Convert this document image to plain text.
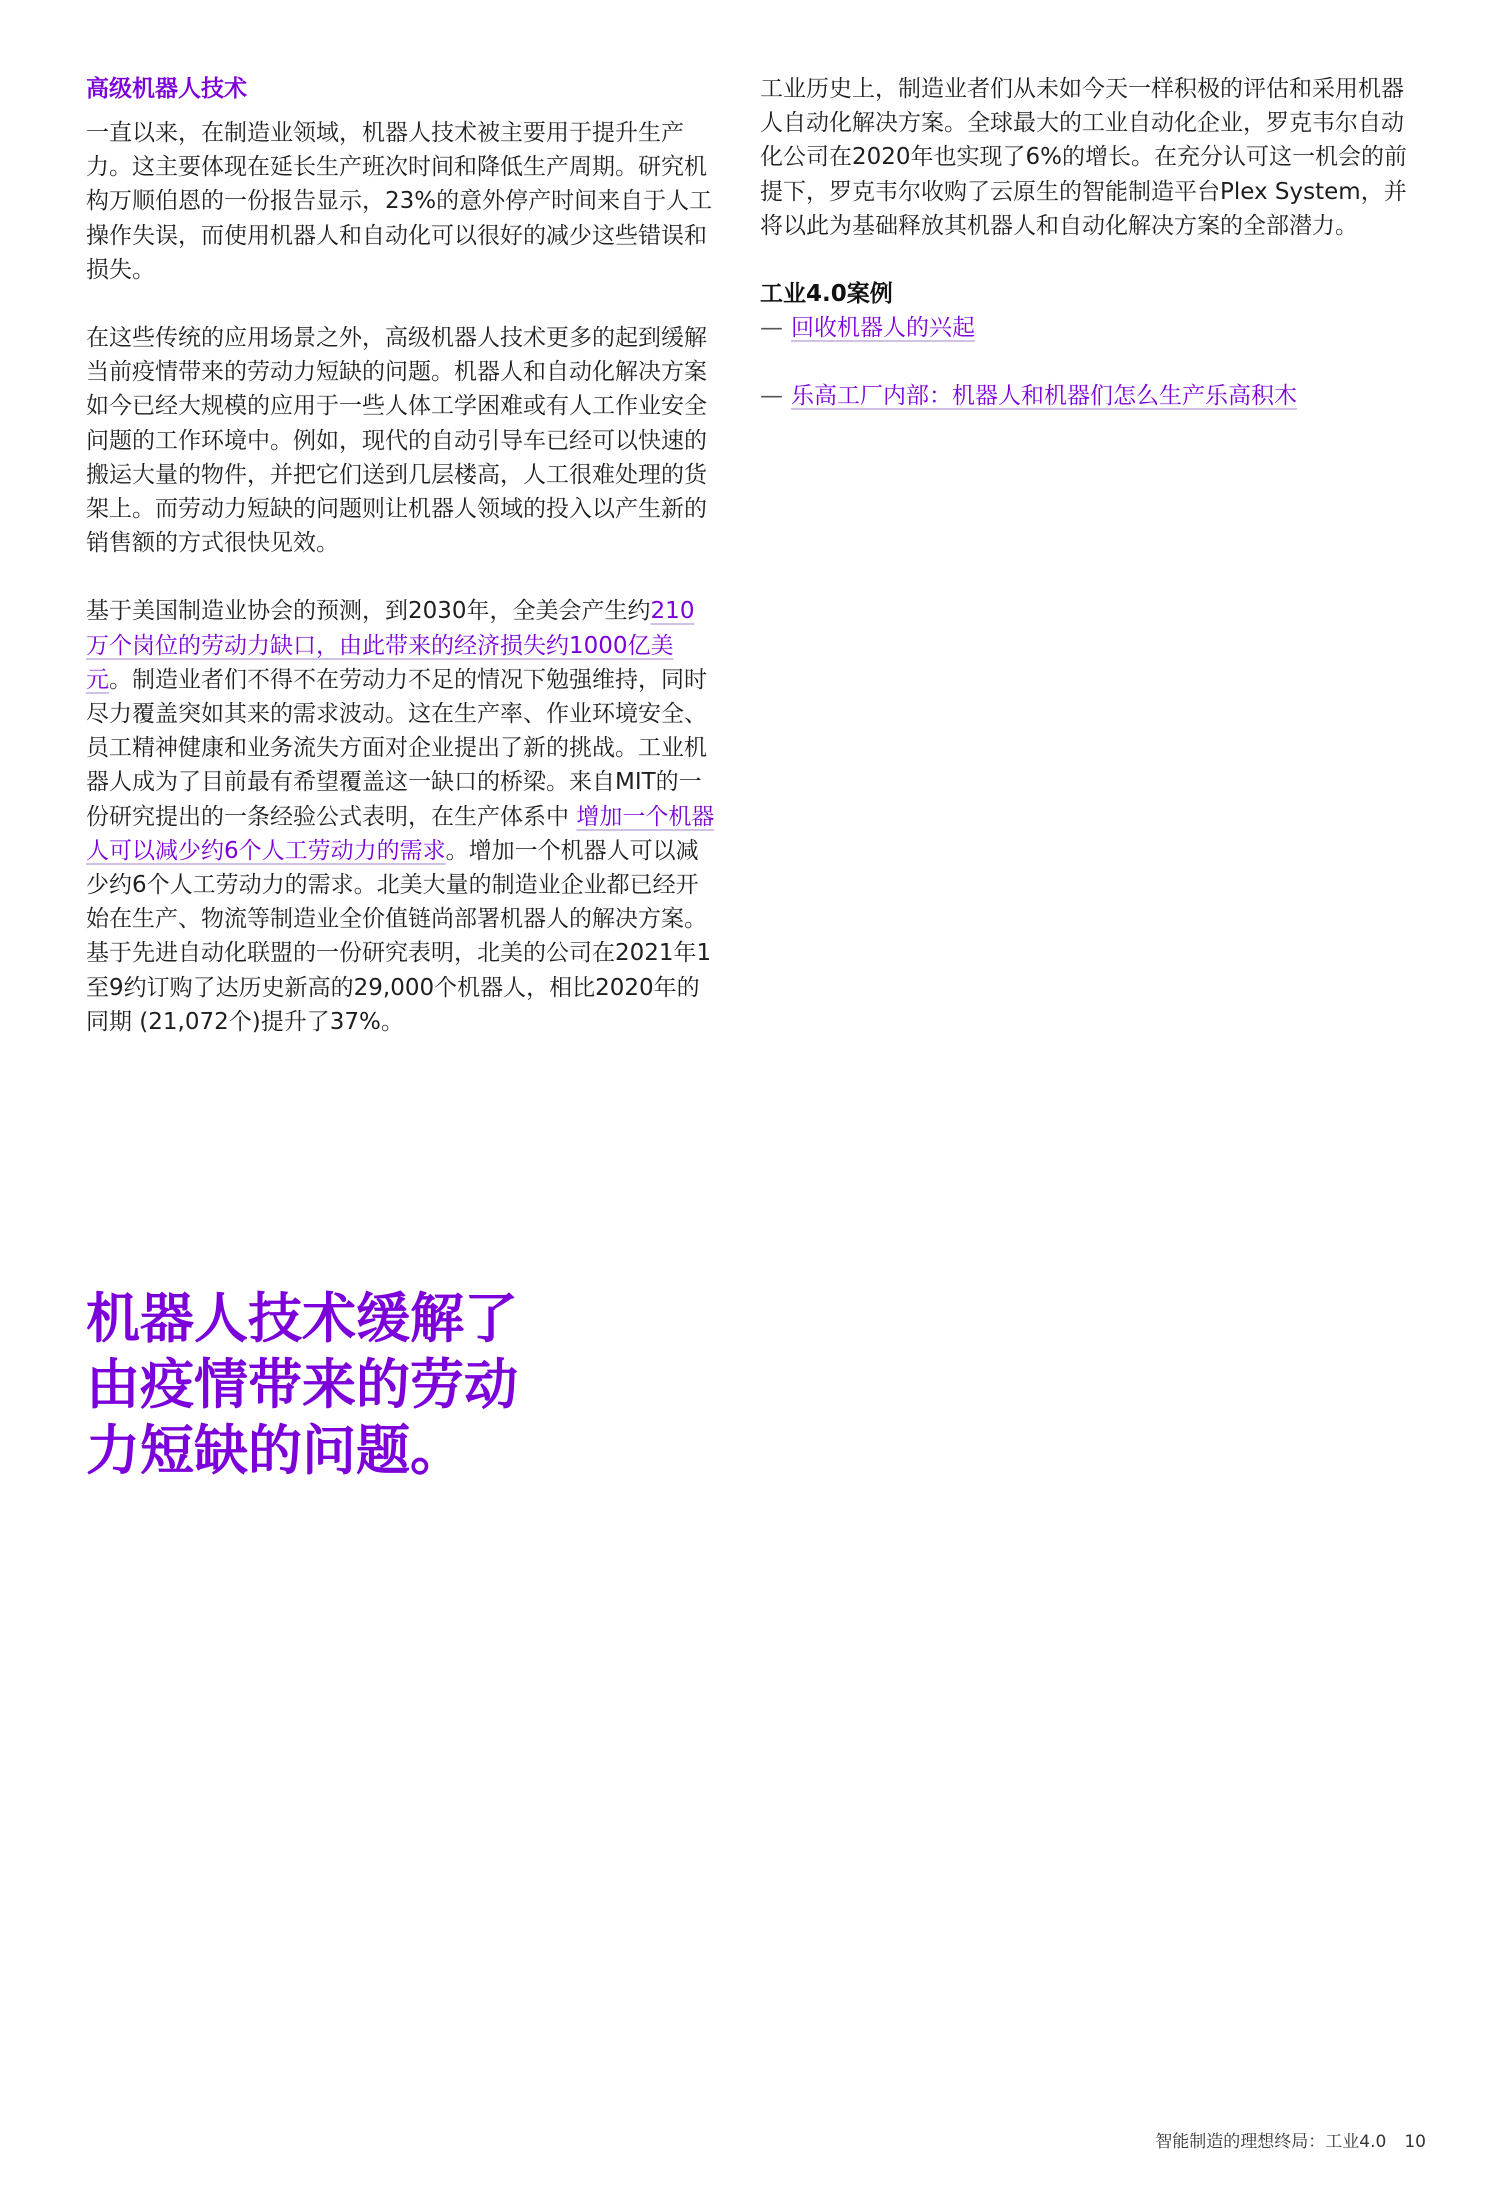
高级机器人技术

一直以来，在制造业领域，机器人技术被主要用于提升生产力。这主要体现在延长生产班次时间和降低生产周期。研究机构万顺伯恩的一份报告显示，23%的意外停产时间来自于人工操作失误，而使用机器人和自动化可以很好的减少这些错误和损失。

在这些传统的应用场景之外，高级机器人技术更多的起到缓解当前疫情带来的劳动力短缺的问题。机器人和自动化解决方案如今已经大规模的应用于一些人体工学困难或有人工作业安全问题的工作环境中。例如，现代的自动引导车已经可以快速的搬运大量的物件，并把它们送到几层楼高，人工很难处理的货架上。而劳动力短缺的问题则让机器人领域的投入以产生新的销售额的方式很快见效。

基于美国制造业协会的预测，到2030年，全美会产生约210万个岗位的劳动力缺口，由此带来的经济损失约1000亿美元。制造业者们不得不在劳动力不足的情况下勉强维持，同时尽力覆盖突如其来的需求波动。这在生产率、作业环境安全、员工精神健康和业务流失方面对企业提出了新的挑战。工业机器人成为了目前最有希望覆盖这一缺口的桥梁。来自MIT的一份研究提出的一条经验公式表明，在生产体系中 增加一个机器人可以减少约6个人工劳动力的需求。增加一个机器人可以减少约6个人工劳动力的需求。北美大量的制造业企业都已经开始在生产、物流等制造业全价值链尚部署机器人的解决方案。基于先进自动化联盟的一份研究表明，北美的公司在2021年1至9约订购了达历史新高的29,000个机器人，相比2020年的同期 (21,072个)提升了37%。

工业历史上，制造业者们从未如今天一样积极的评估和采用机器人自动化解决方案。全球最大的工业自动化企业，罗克韦尔自动化公司在2020年也实现了6%的增长。在充分认可这一机会的前提下，罗克韦尔收购了云原生的智能制造平台Plex System，并将以此为基础释放其机器人和自动化解决方案的全部潜力。

工业4.0案例

— 回收机器人的兴起

— 乐高工厂内部：机器人和机器们怎么生产乐高积木

机器人技术缓解了
由疫情带来的劳动
力短缺的问题。
智能制造的理想终局：工业4.0 10
